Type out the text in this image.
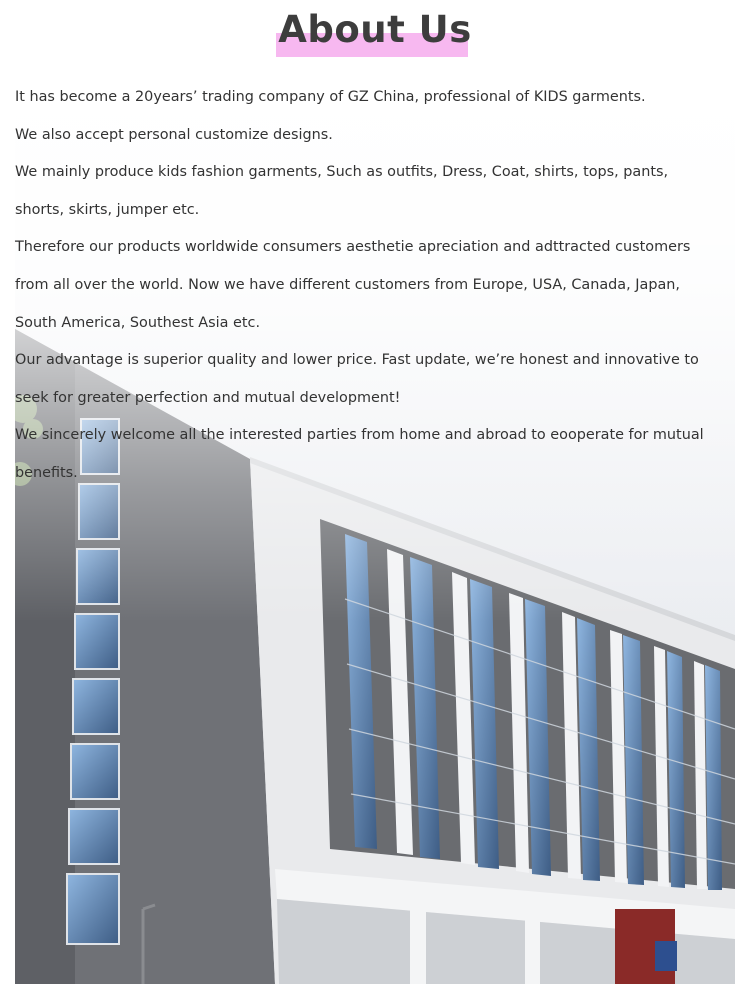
About Us
It has become a 20years’ trading company of GZ China, professional of KIDS garments.
We also accept personal customize designs.
We mainly produce kids fashion garments, Such as outfits, Dress, Coat, shirts, tops, pants,
shorts, skirts, jumper etc.
Therefore our products worldwide consumers aesthetie apreciation and adttracted customers
from all over the world. Now we have different customers from Europe, USA, Canada, Japan,
South America, Southest Asia etc.
Our advantage is superior quality and lower price. Fast update, we’re honest and innovative to
seek for greater perfection and mutual development!
We sincerely welcome all the interested parties from home and abroad to eooperate for mutual
benefits.
